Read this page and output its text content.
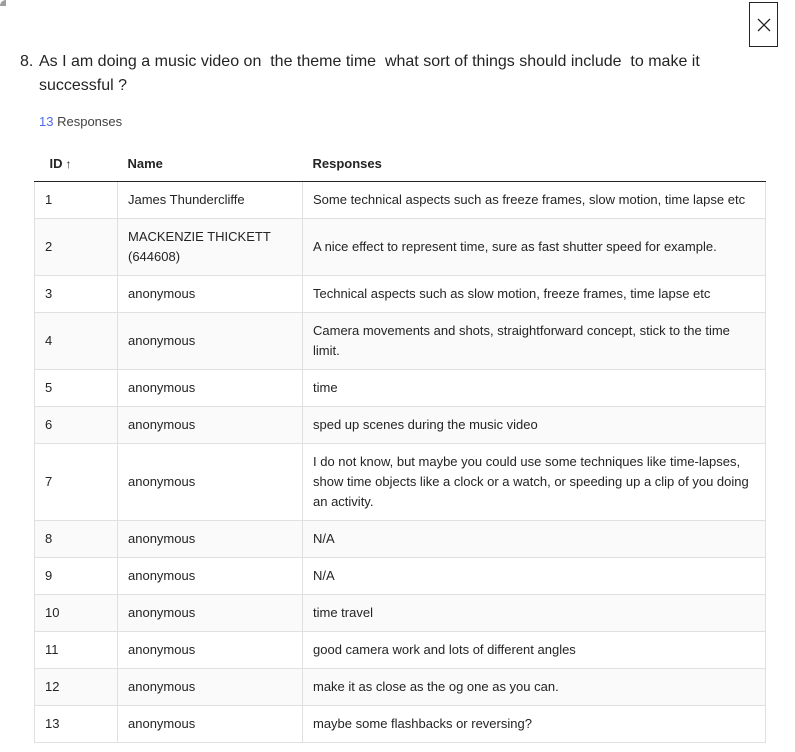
8. As I am doing a music video on  the theme time  what sort of things should include  to make it successful ?
13 Responses
ID ↑	Name	Responses
1	James Thundercliffe	Some technical aspects such as freeze frames, slow motion, time lapse etc
2	MACKENZIE THICKETT (644608)	A nice effect to represent time, sure as fast shutter speed for example.
3	anonymous	Technical aspects such as slow motion, freeze frames, time lapse etc
4	anonymous	Camera movements and shots, straightforward concept, stick to the time limit.
5	anonymous	time
6	anonymous	sped up scenes during the music video
7	anonymous	I do not know, but maybe you could use some techniques like time-lapses, show time objects like a clock or a watch, or speeding up a clip of you doing an activity.
8	anonymous	N/A
9	anonymous	N/A
10	anonymous	time travel
11	anonymous	good camera work and lots of different angles
12	anonymous	make it as close as the og one as you can.
13	anonymous	maybe some flashbacks or reversing?
